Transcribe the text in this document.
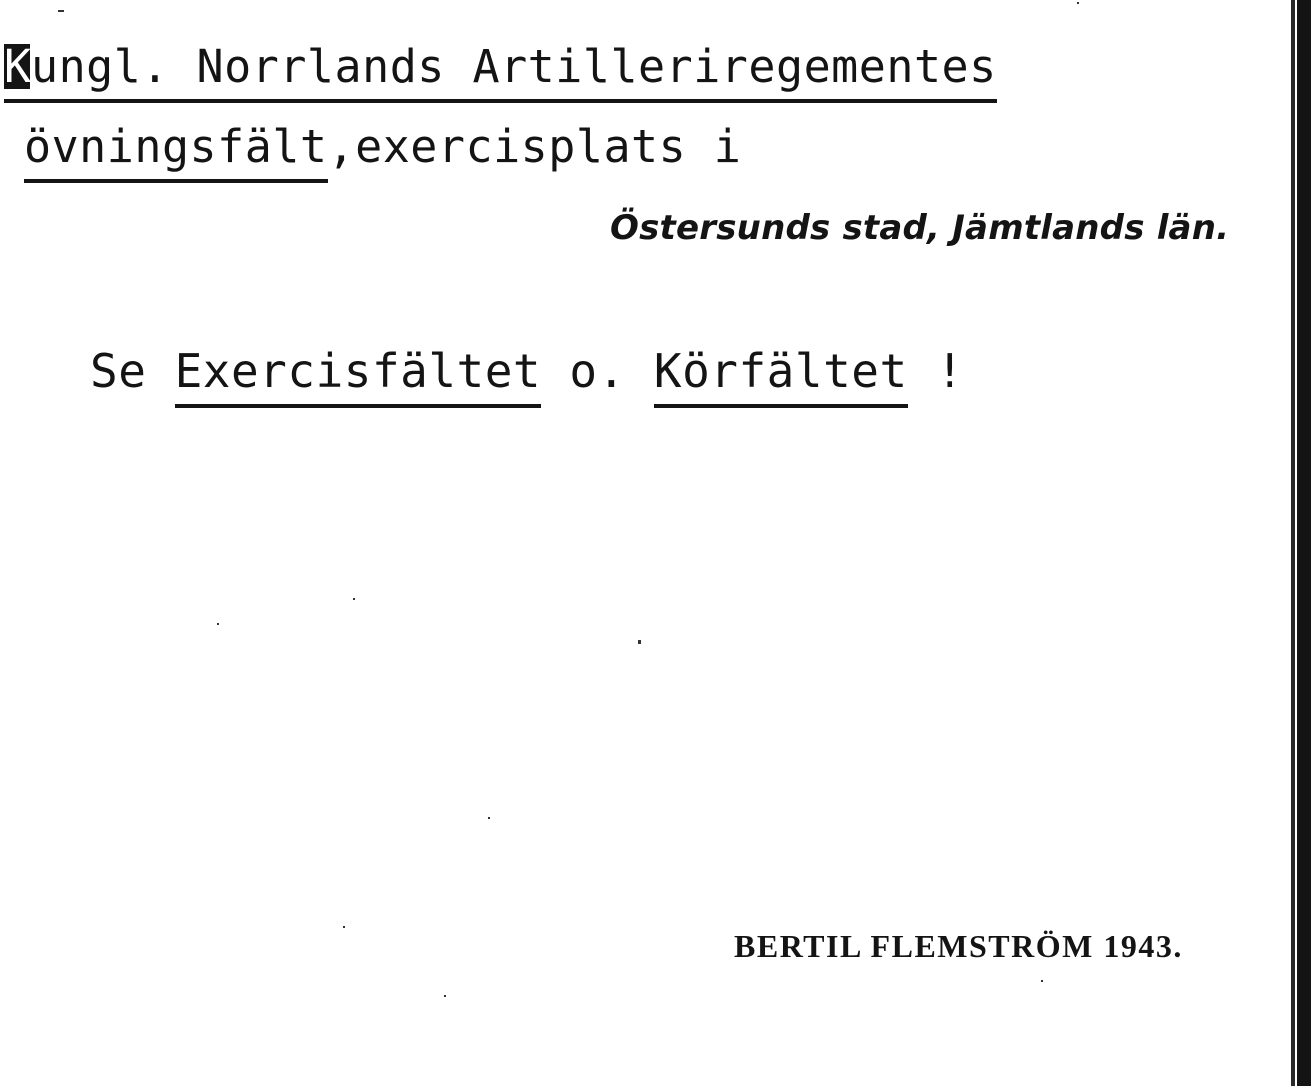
Kungl. Norrlands Artilleriregementes
övningsfält,exercisplats i
Östersunds stad, Jämtlands län.
Se Exercisfältet o. Körfältet !
BERTIL FLEMSTRÖM 1943.
